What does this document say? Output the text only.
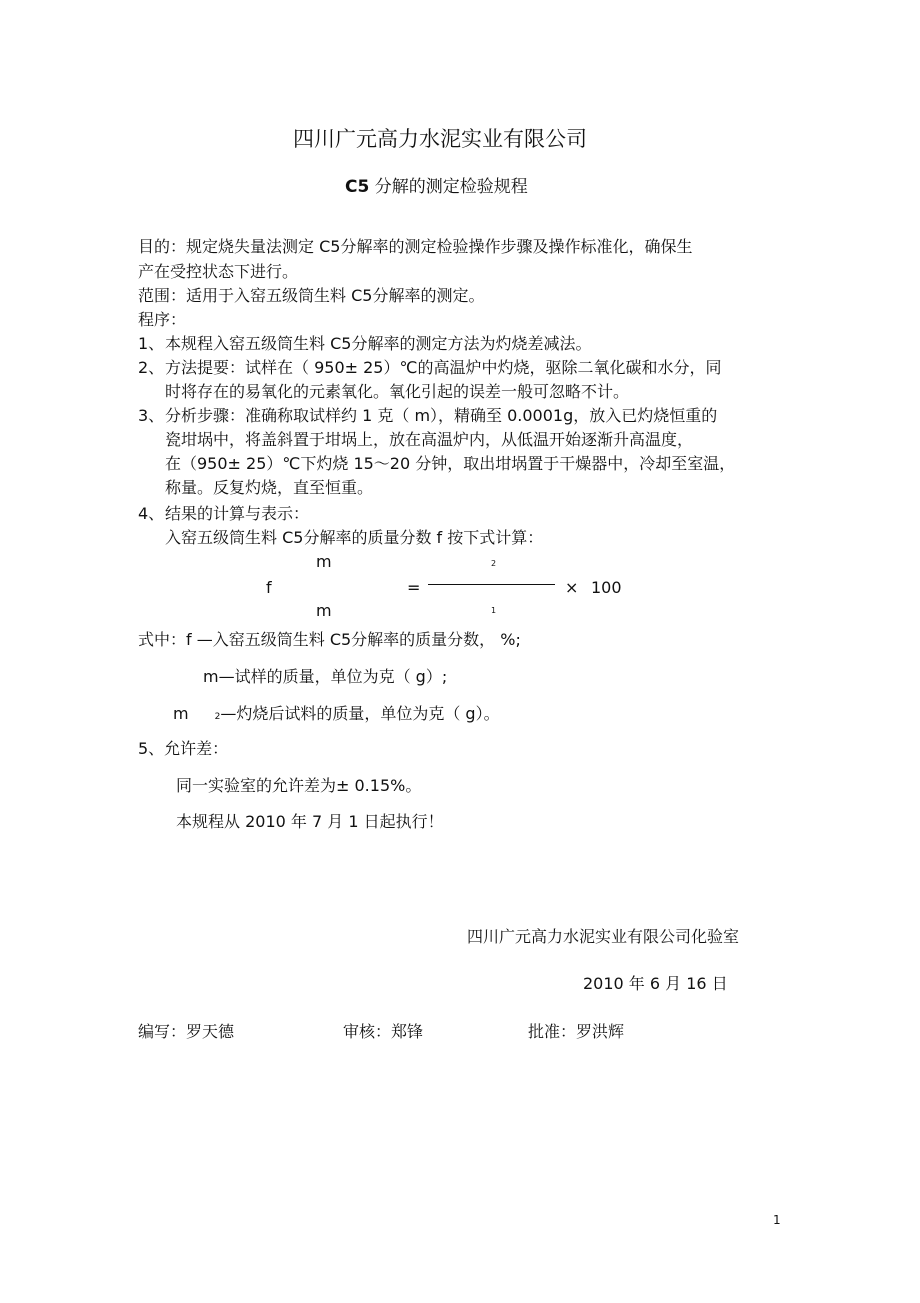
四川广元高力水泥实业有限公司
C5 分解的测定检验规程
目的：规定烧失量法测定 C5分解率的测定检验操作步骤及操作标准化，确保生
产在受控状态下进行。
范围：适用于入窑五级筒生料 C5分解率的测定。
程序：
1、 本规程入窑五级筒生料 C5分解率的测定方法为灼烧差减法。
2、 方法提要：试样在（ 950± 25）℃的高温炉中灼烧，驱除二氧化碳和水分，同
时将存在的易氧化的元素氧化。氧化引起的误差一般可忽略不计。
3、 分析步骤：准确称取试样约 1 克（ m），精确至 0.0001g，放入已灼烧恒重的
瓷坩埚中，将盖斜置于坩埚上，放在高温炉内，从低温开始逐渐升高温度，
在（950± 25）℃下灼烧 15～20 分钟，取出坩埚置于干燥器中，冷却至室温，
称量。反复灼烧，直至恒重。
4、 结果的计算与表示：
入窑五级筒生料 C5分解率的质量分数 f 按下式计算：
m	2
f	=	× 100
m	1
式中：f —入窑五级筒生料 C5分解率的质量分数， %;
m—试样的质量，单位为克（ g）;
m	2—灼烧后试料的质量，单位为克（ g）。
5、允许差：
同一实验室的允许差为± 0.15%。
本规程从 2010 年 7 月 1 日起执行！
四川广元高力水泥实业有限公司化验室
2010 年 6 月 16 日
编写：罗天德	审核：郑锋	批准：罗洪辉
1
